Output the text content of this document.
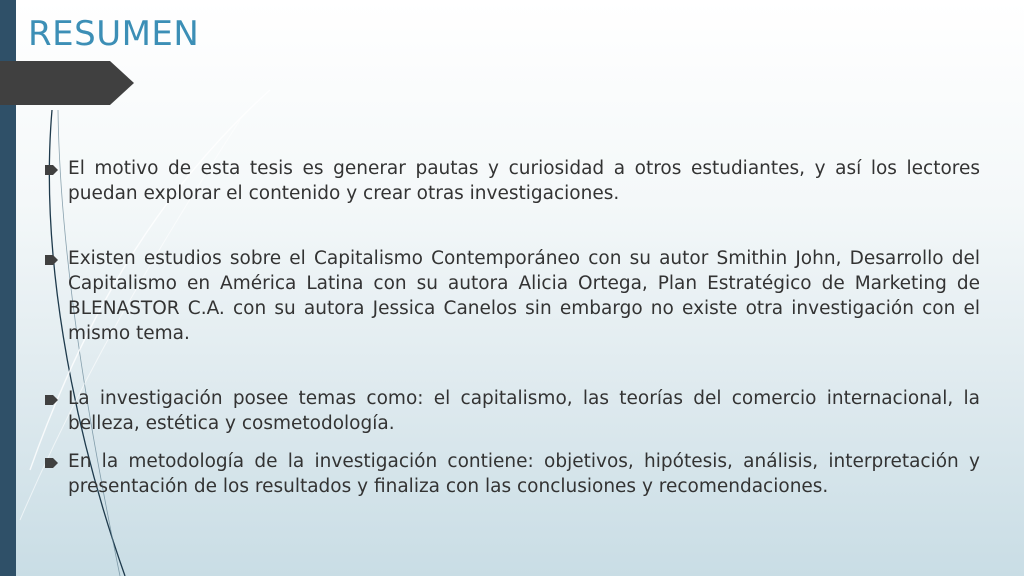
RESUMEN
El motivo de esta tesis es generar pautas y curiosidad a otros estudiantes, y así los lectores puedan explorar el contenido y crear otras investigaciones.
Existen estudios sobre el Capitalismo Contemporáneo con su autor Smithin John, Desarrollo del Capitalismo en América Latina con su autora Alicia Ortega, Plan Estratégico de Marketing de BLENASTOR C.A. con su autora Jessica Canelos sin embargo no existe otra investigación con el mismo tema.
La investigación posee temas como: el capitalismo, las teorías del comercio internacional, la belleza, estética y cosmetodología.
En la metodología de la investigación contiene: objetivos, hipótesis, análisis, interpretación y presentación de los resultados y finaliza con las conclusiones y recomendaciones.
